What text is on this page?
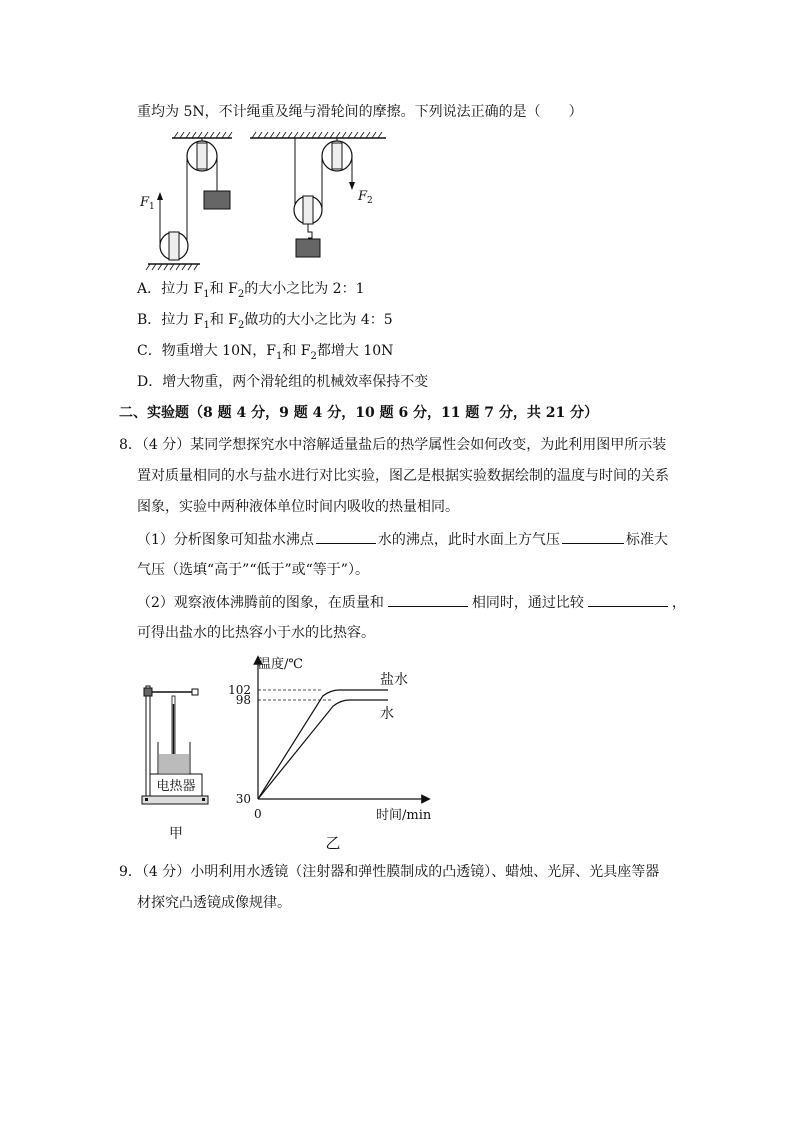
重均为 5N，不计绳重及绳与滑轮间的摩擦。下列说法正确的是（　　）
F 1
F 2
A．拉力 $F_1$和 $F_2$的大小之比为 2：1
B．拉力 $F_1$和 $F_2$做功的大小之比为 4：5
C．物重增大 10N，$F_1$和 $F_2$都增大 10N
D．增大物重，两个滑轮组的机械效率保持不变
二、实验题（8 题 4 分，9 题 4 分，10 题 6 分，11 题 7 分，共 21 分）
8．（4 分）某同学想探究水中溶解适量盐后的热学属性会如何改变，为此利用图甲所示装
置对质量相同的水与盐水进行对比实验，图乙是根据实验数据绘制的温度与时间的关系
图象，实验中两种液体单位时间内吸收的热量相同。
（1）分析图象可知盐水沸点	水的沸点，此时水面上方气压	标准大
气压（选填“高于”“低于”或“等于”）。
（2）观察液体沸腾前的图象，在质量和	相同时，通过比较	，
可得出盐水的比热容小于水的比热容。
电热器
甲
温度/℃
时间/min
0
102
98
30
盐水
水
乙
9．（4 分）小明利用水透镜（注射器和弹性膜制成的凸透镜）、蜡烛、光屏、光具座等器
材探究凸透镜成像规律。
